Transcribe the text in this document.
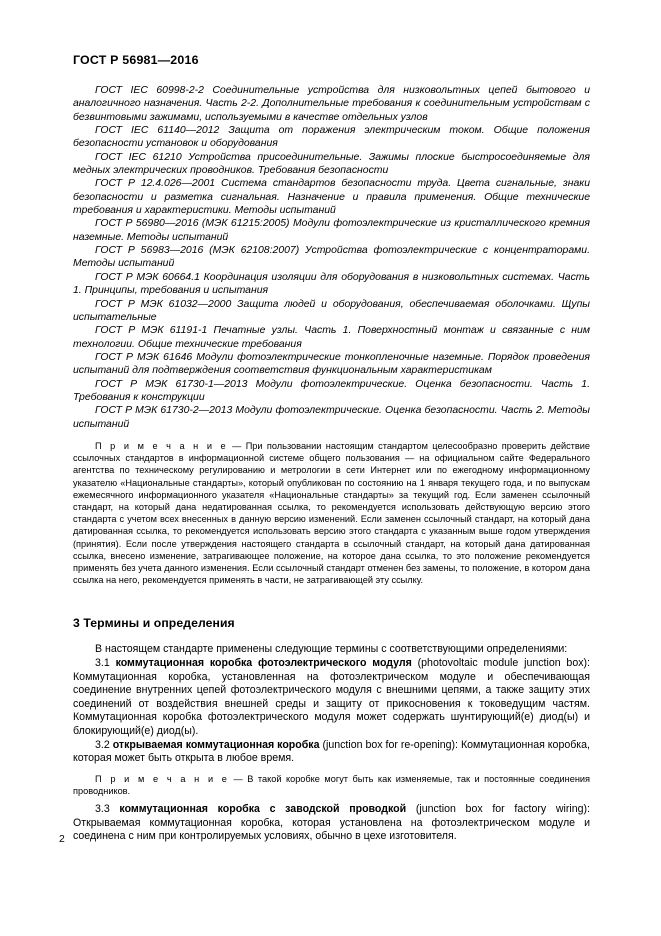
ГОСТ Р 56981—2016

ГОСТ IEC 60998-2-2 Соединительные устройства для низковольтных цепей бытового и аналогичного назначения. Часть 2-2. Дополнительные требования к соединительным устройствам с безвинтовыми зажимами, используемыми в качестве отдельных узлов

ГОСТ IEC 61140—2012 Защита от поражения электрическим током. Общие положения безопасности установок и оборудования

ГОСТ IEC 61210 Устройства присоединительные. Зажимы плоские быстросоединяемые для медных электрических проводников. Требования безопасности

ГОСТ Р 12.4.026—2001 Система стандартов безопасности труда. Цвета сигнальные, знаки безопасности и разметка сигнальная. Назначение и правила применения. Общие технические требования и характеристики. Методы испытаний

ГОСТ Р 56980—2016 (МЭК 61215:2005) Модули фотоэлектрические из кристаллического кремния наземные. Методы испытаний

ГОСТ Р 56983—2016 (МЭК 62108:2007) Устройства фотоэлектрические с концентраторами. Методы испытаний

ГОСТ Р МЭК 60664.1 Координация изоляции для оборудования в низковольтных системах. Часть 1. Принципы, требования и испытания

ГОСТ Р МЭК 61032—2000 Защита людей и оборудования, обеспечиваемая оболочками. Щупы испытательные

ГОСТ Р МЭК 61191-1 Печатные узлы. Часть 1. Поверхностный монтаж и связанные с ним технологии. Общие технические требования

ГОСТ Р МЭК 61646 Модули фотоэлектрические тонкопленочные наземные. Порядок проведения испытаний для подтверждения соответствия функциональным характеристикам

ГОСТ Р МЭК 61730-1—2013 Модули фотоэлектрические. Оценка безопасности. Часть 1. Требования к конструкции

ГОСТ Р МЭК 61730-2—2013 Модули фотоэлектрические. Оценка безопасности. Часть 2. Методы испытаний

П р и м е ч а н и е — При пользовании настоящим стандартом целесообразно проверить действие ссылочных стандартов в информационной системе общего пользования — на официальном сайте Федерального агентства по техническому регулированию и метрологии в сети Интернет или по ежегодному информационному указателю «Национальные стандарты», который опубликован по состоянию на 1 января текущего года, и по выпускам ежемесячного информационного указателя «Национальные стандарты» за текущий год. Если заменен ссылочный стандарт, на который дана недатированная ссылка, то рекомендуется использовать действующую версию этого стандарта с учетом всех внесенных в данную версию изменений. Если заменен ссылочный стандарт, на который дана датированная ссылка, то рекомендуется использовать версию этого стандарта с указанным выше годом утверждения (принятия). Если после утверждения настоящего стандарта в ссылочный стандарт, на который дана датированная ссылка, внесено изменение, затрагивающее положение, на которое дана ссылка, то это положение рекомендуется применять без учета данного изменения. Если ссылочный стандарт отменен без замены, то положение, в котором дана ссылка на него, рекомендуется применять в части, не затрагивающей эту ссылку.

3 Термины и определения

В настоящем стандарте применены следующие термины с соответствующими определениями:

3.1 коммутационная коробка фотоэлектрического модуля (photovoltaic module junction box): Коммутационная коробка, установленная на фотоэлектрическом модуле и обеспечивающая соединение внутренних цепей фотоэлектрического модуля с внешними цепями, а также защиту этих соединений от воздействия внешней среды и защиту от прикосновения к токоведущим частям. Коммутационная коробка фотоэлектрического модуля может содержать шунтирующий(е) диод(ы) и блокирующий(е) диод(ы).

3.2 открываемая коммутационная коробка (junction box for re-opening): Коммутационная коробка, которая может быть открыта в любое время.

П р и м е ч а н и е — В такой коробке могут быть как изменяемые, так и постоянные соединения проводников.

3.3 коммутационная коробка с заводской проводкой (junction box for factory wiring): Открываемая коммутационная коробка, которая установлена на фотоэлектрическом модуле и соединена с ним при контролируемых условиях, обычно в цехе изготовителя.

2
